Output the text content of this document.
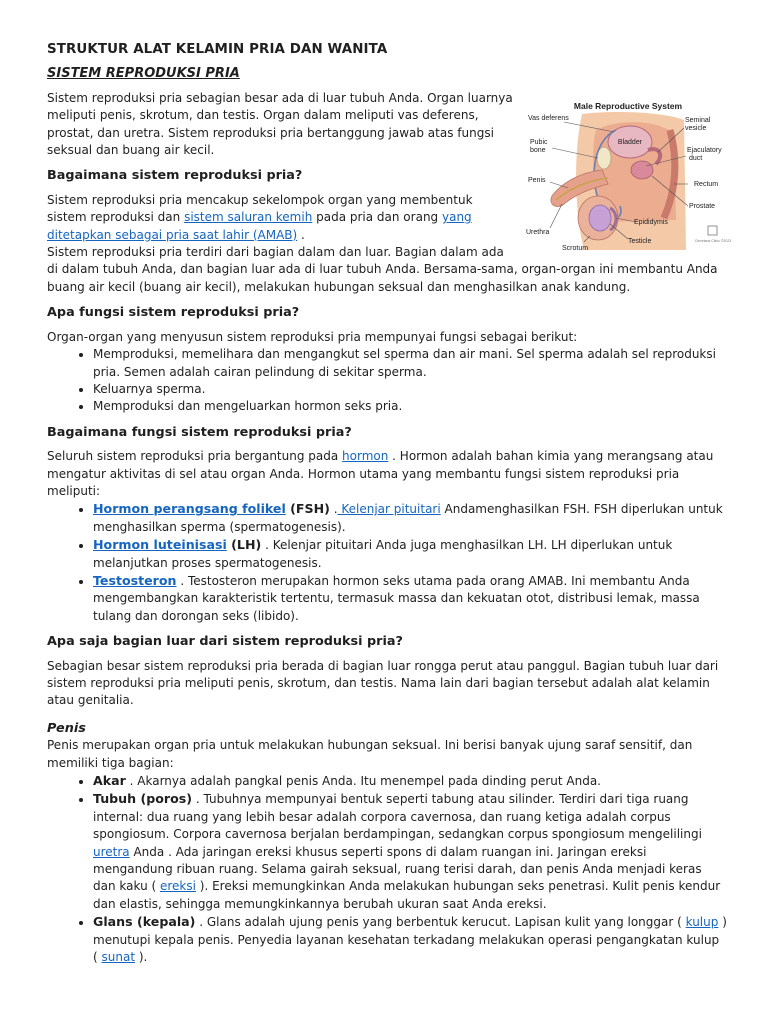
STRUKTUR ALAT KELAMIN PRIA DAN WANITA
SISTEM REPRODUKSI PRIA
Male Reproductive System
Bladder
Vas deferens
Pubic
bone
Penis
Urethra
Scrotum
Seminal
vesicle
Ejaculatory
duct
Rectum
Prostate
Epididymis
Testicle	Cleveland Clinic ©2023

Sistem reproduksi pria sebagian besar ada di luar tubuh Anda. Organ luarnya meliputi penis, skrotum, dan testis. Organ dalam meliputi vas deferens, prostat, dan uretra. Sistem reproduksi pria bertanggung jawab atas fungsi seksual dan buang air kecil.

Bagaimana sistem reproduksi pria?

Sistem reproduksi pria mencakup sekelompok organ yang membentuk sistem reproduksi dan sistem saluran kemih pada pria dan orang yang ditetapkan sebagai pria saat lahir (AMAB) .

Sistem reproduksi pria terdiri dari bagian dalam dan luar. Bagian dalam ada di dalam tubuh Anda, dan bagian luar ada di luar tubuh Anda. Bersama-sama, organ-organ ini membantu Anda buang air kecil (buang air kecil), melakukan hubungan seksual dan menghasilkan anak kandung.

Apa fungsi sistem reproduksi pria?

Organ-organ yang menyusun sistem reproduksi pria mempunyai fungsi sebagai berikut:

• Memproduksi, memelihara dan mengangkut sel sperma dan air mani. Sel sperma adalah sel reproduksi pria. Semen adalah cairan pelindung di sekitar sperma.
• Keluarnya sperma.
• Memproduksi dan mengeluarkan hormon seks pria.
Bagaimana fungsi sistem reproduksi pria?

Seluruh sistem reproduksi pria bergantung pada hormon . Hormon adalah bahan kimia yang merangsang atau mengatur aktivitas di sel atau organ Anda. Hormon utama yang membantu fungsi sistem reproduksi pria meliputi:

• Hormon perangsang folikel (FSH) . Kelenjar pituitari Andamenghasilkan FSH. FSH diperlukan untuk menghasilkan sperma (spermatogenesis).
• Hormon luteinisasi (LH) . Kelenjar pituitari Anda juga menghasilkan LH. LH diperlukan untuk melanjutkan proses spermatogenesis.
• Testosteron . Testosteron merupakan hormon seks utama pada orang AMAB. Ini membantu Anda mengembangkan karakteristik tertentu, termasuk massa dan kekuatan otot, distribusi lemak, massa tulang dan dorongan seks (libido).
Apa saja bagian luar dari sistem reproduksi pria?

Sebagian besar sistem reproduksi pria berada di bagian luar rongga perut atau panggul. Bagian tubuh luar dari sistem reproduksi pria meliputi penis, skrotum, dan testis. Nama lain dari bagian tersebut adalah alat kelamin atau genitalia.

Penis

Penis merupakan organ pria untuk melakukan hubungan seksual. Ini berisi banyak ujung saraf sensitif, dan memiliki tiga bagian:

• Akar . Akarnya adalah pangkal penis Anda. Itu menempel pada dinding perut Anda.
• Tubuh (poros) . Tubuhnya mempunyai bentuk seperti tabung atau silinder. Terdiri dari tiga ruang internal: dua ruang yang lebih besar adalah corpora cavernosa, dan ruang ketiga adalah corpus spongiosum. Corpora cavernosa berjalan berdampingan, sedangkan corpus spongiosum mengelilingi uretra Anda . Ada jaringan ereksi khusus seperti spons di dalam ruangan ini. Jaringan ereksi mengandung ribuan ruang. Selama gairah seksual, ruang terisi darah, dan penis Anda menjadi keras dan kaku ( ereksi ). Ereksi memungkinkan Anda melakukan hubungan seks penetrasi. Kulit penis kendur dan elastis, sehingga memungkinkannya berubah ukuran saat Anda ereksi.
• Glans (kepala) . Glans adalah ujung penis yang berbentuk kerucut. Lapisan kulit yang longgar ( kulup ) menutupi kepala penis. Penyedia layanan kesehatan terkadang melakukan operasi pengangkatan kulup ( sunat ).
